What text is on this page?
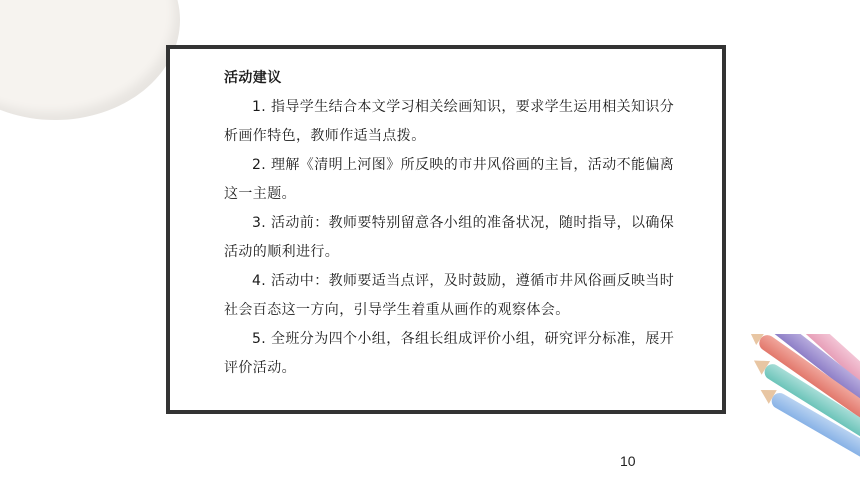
活动建议

1. 指导学生结合本文学习相关绘画知识，要求学生运用相关知识分析画作特色，教师作适当点拨。

2. 理解《清明上河图》所反映的市井风俗画的主旨，活动不能偏离这一主题。

3. 活动前：教师要特别留意各小组的准备状况，随时指导，以确保活动的顺利进行。

4. 活动中：教师要适当点评，及时鼓励，遵循市井风俗画反映当时社会百态这一方向，引导学生着重从画作的观察体会。

5. 全班分为四个小组，各组长组成评价小组，研究评分标准，展开评价活动。

10
